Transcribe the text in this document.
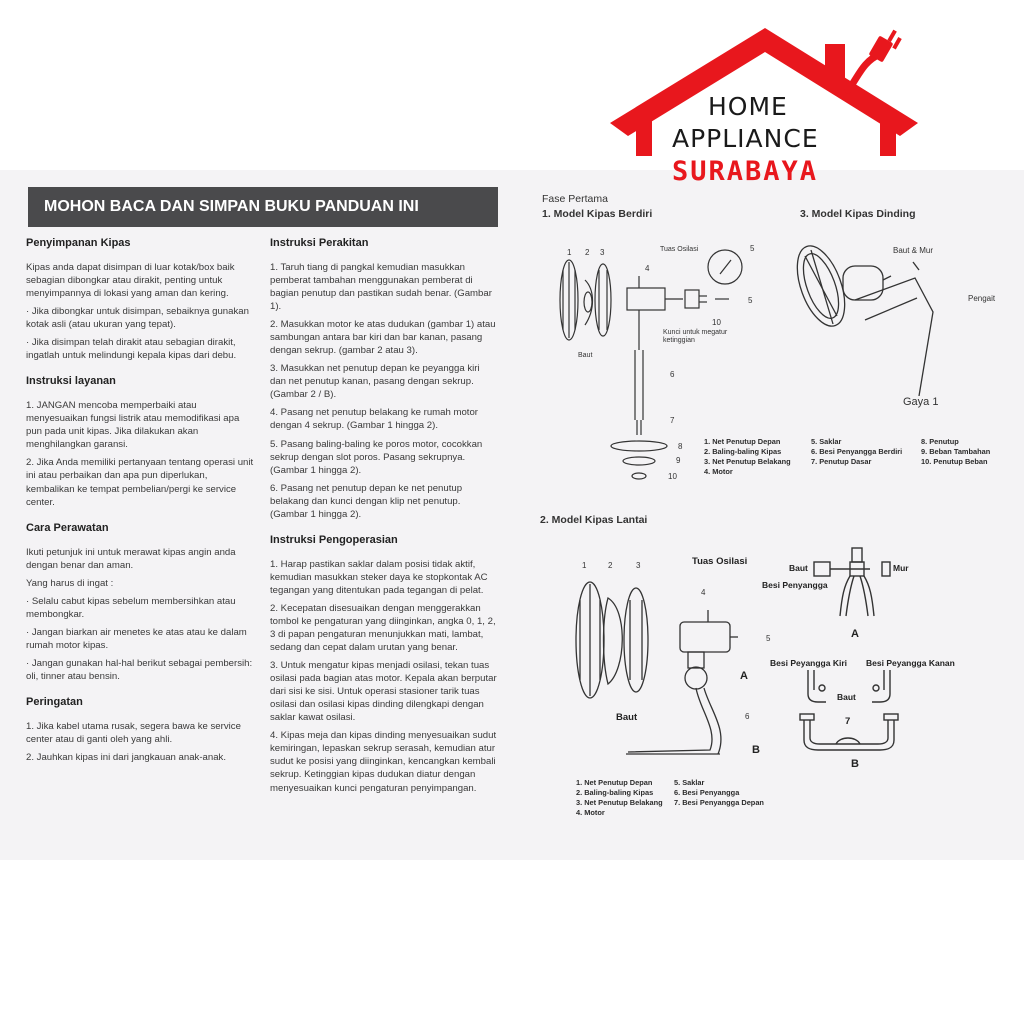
HOME
APPLIANCE
SURABAYA
MOHON BACA DAN SIMPAN BUKU PANDUAN INI
Penyimpanan Kipas

Kipas anda dapat disimpan di luar kotak/box baik sebagian dibongkar atau dirakit, penting untuk menyimpannya di lokasi yang aman dan kering.

· Jika dibongkar untuk disimpan, sebaiknya gunakan kotak asli (atau ukuran yang tepat).

· Jika disimpan telah dirakit atau sebagian dirakit, ingatlah untuk melindungi kepala kipas dari debu.

Instruksi layanan

1. JANGAN mencoba memperbaiki atau menyesuaikan fungsi listrik atau memodifikasi apa pun pada unit kipas. Jika dilakukan akan menghilangkan garansi.

2. Jika Anda memiliki pertanyaan tentang operasi unit ini atau perbaikan dan apa pun diperlukan, kembalikan ke tempat pembelian/pergi ke service center.

Cara Perawatan

Ikuti petunjuk ini untuk merawat kipas angin anda dengan benar dan aman.

Yang harus di ingat :

· Selalu cabut kipas sebelum membersihkan atau membongkar.

· Jangan biarkan air menetes ke atas atau ke dalam rumah motor kipas.

· Jangan gunakan hal-hal berikut sebagai pembersih: oli, tinner atau bensin.

Peringatan

1. Jika kabel utama rusak, segera bawa ke service center atau di ganti oleh yang ahli.

2. Jauhkan kipas ini dari jangkauan anak-anak.

Instruksi Perakitan

1. Taruh tiang di pangkal kemudian masukkan pemberat tambahan menggunakan pemberat di bagian penutup dan pastikan sudah benar. (Gambar 1).

2. Masukkan motor ke atas dudukan (gambar 1) atau sambungan antara bar kiri dan bar kanan, pasang dengan sekrup. (gambar 2 atau 3).

3. Masukkan net penutup depan ke peyangga kiri dan net penutup kanan, pasang dengan sekrup. (Gambar 2 / B).

4. Pasang net penutup belakang ke rumah motor dengan 4 sekrup. (Gambar 1 hingga 2).

5. Pasang baling-baling ke poros motor, cocokkan sekrup dengan slot poros. Pasang sekrupnya. (Gambar 1 hingga 2).

6. Pasang net penutup depan ke net penutup belakang dan kunci dengan klip net penutup. (Gambar 1 hingga 2).

Instruksi Pengoperasian

1. Harap pastikan saklar dalam posisi tidak aktif, kemudian masukkan steker daya ke stopkontak AC tegangan yang ditentukan pada tegangan di pelat.

2. Kecepatan disesuaikan dengan menggerakkan tombol ke pengaturan yang diinginkan, angka 0, 1, 2, 3 di papan pengaturan menunjukkan mati, lambat, sedang dan cepat dalam urutan yang benar.

3. Untuk mengatur kipas menjadi osilasi, tekan tuas osilasi pada bagian atas motor. Kepala akan berputar dari sisi ke sisi. Untuk operasi stasioner tarik tuas osilasi dan osilasi kipas dinding dilengkapi dengan saklar kawat osilasi.

4. Kipas meja dan kipas dinding menyesuaikan sudut kemiringan, lepaskan sekrup serasah, kemudian atur sudut ke posisi yang diinginkan, kencangkan kembali sekrup. Ketinggian kipas dudukan diatur dengan menyesuaikan kunci pengaturan penyimpangan.

Fase Pertama
1. Model Kipas Berdiri	3. Model Kipas Dinding
2. Model Kipas Lantai
1 2 3
4
5
5
10
6
7
8
9
10
Tuas Osilasi
Kunci untuk megatur ketinggian
Baut
1. Net Penutup Depan
2. Baling-baling Kipas
3. Net Penutup Belakang
4. Motor
5. Saklar
6. Besi Penyangga Berdiri
7. Penutup Dasar
8. Penutup
9. Beban Tambahan
10. Penutup Beban
Baut & Mur
Pengait
Gaya 1
1	2	3
4
5
6
Tuas Osilasi
Baut
A
B
1. Net Penutup Depan
2. Baling-baling Kipas
3. Net Penutup Belakang
4. Motor
5. Saklar
6. Besi Penyangga
7. Besi Penyangga Depan
Baut	Mur
Besi Penyangga
A
Besi Peyangga Kiri Besi Peyangga Kanan
Baut
7
B
